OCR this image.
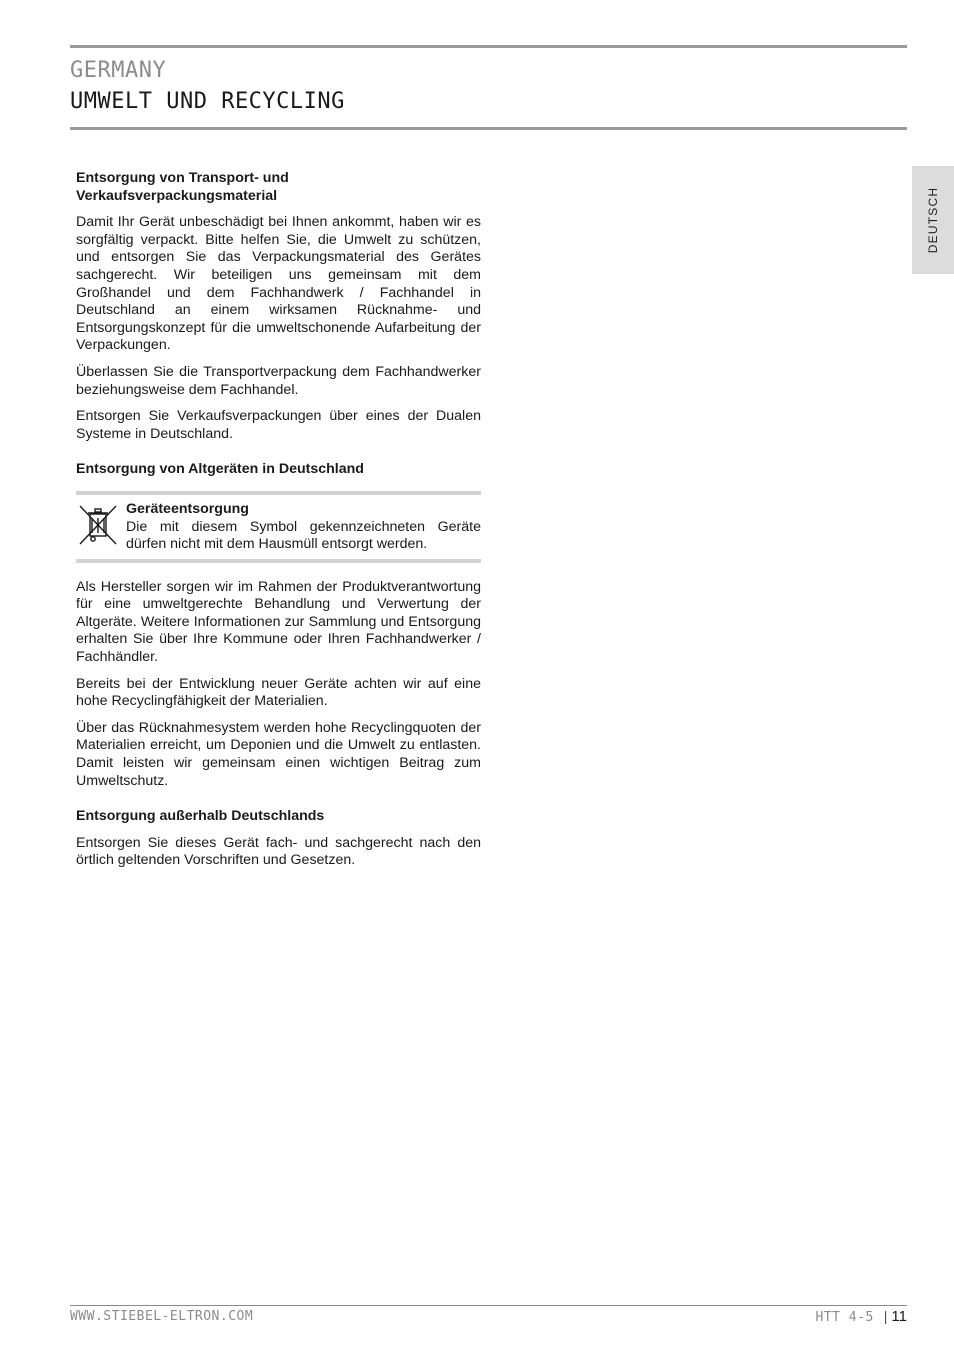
GERMANY
UMWELT UND RECYCLING
DEUTSCH
Entsorgung von Transport- und Verkaufsverpackungsmaterial

Damit Ihr Gerät unbeschädigt bei Ihnen ankommt, haben wir es sorgfältig verpackt. Bitte helfen Sie, die Umwelt zu schützen, und entsorgen Sie das Verpackungsmaterial des Gerätes sachgerecht. Wir beteiligen uns gemeinsam mit dem Großhandel und dem Fachhandwerk / Fachhandel in Deutschland an einem wirksamen Rücknahme- und Entsorgungskonzept für die umweltschonende Aufarbeitung der Verpackungen.

Überlassen Sie die Transportverpackung dem Fachhandwerker beziehungsweise dem Fachhandel.

Entsorgen Sie Verkaufsverpackungen über eines der Dualen Systeme in Deutschland.

Entsorgung von Altgeräten in Deutschland
Geräteentsorgung
Die mit diesem Symbol gekennzeichneten Geräte dürfen nicht mit dem Hausmüll entsorgt werden.

Als Hersteller sorgen wir im Rahmen der Produktverantwortung für eine umweltgerechte Behandlung und Verwertung der Altgeräte. Weitere Informationen zur Sammlung und Entsorgung erhalten Sie über Ihre Kommune oder Ihren Fachhandwerker / Fachhändler.

Bereits bei der Entwicklung neuer Geräte achten wir auf eine hohe Recyclingfähigkeit der Materialien.

Über das Rücknahmesystem werden hohe Recyclingquoten der Materialien erreicht, um Deponien und die Umwelt zu entlasten. Damit leisten wir gemeinsam einen wichtigen Beitrag zum Umweltschutz.

Entsorgung außerhalb Deutschlands

Entsorgen Sie dieses Gerät fach- und sachgerecht nach den örtlich geltenden Vorschriften und Gesetzen.

WWW.STIEBEL-ELTRON.COM	HTT 4-5 | 11
